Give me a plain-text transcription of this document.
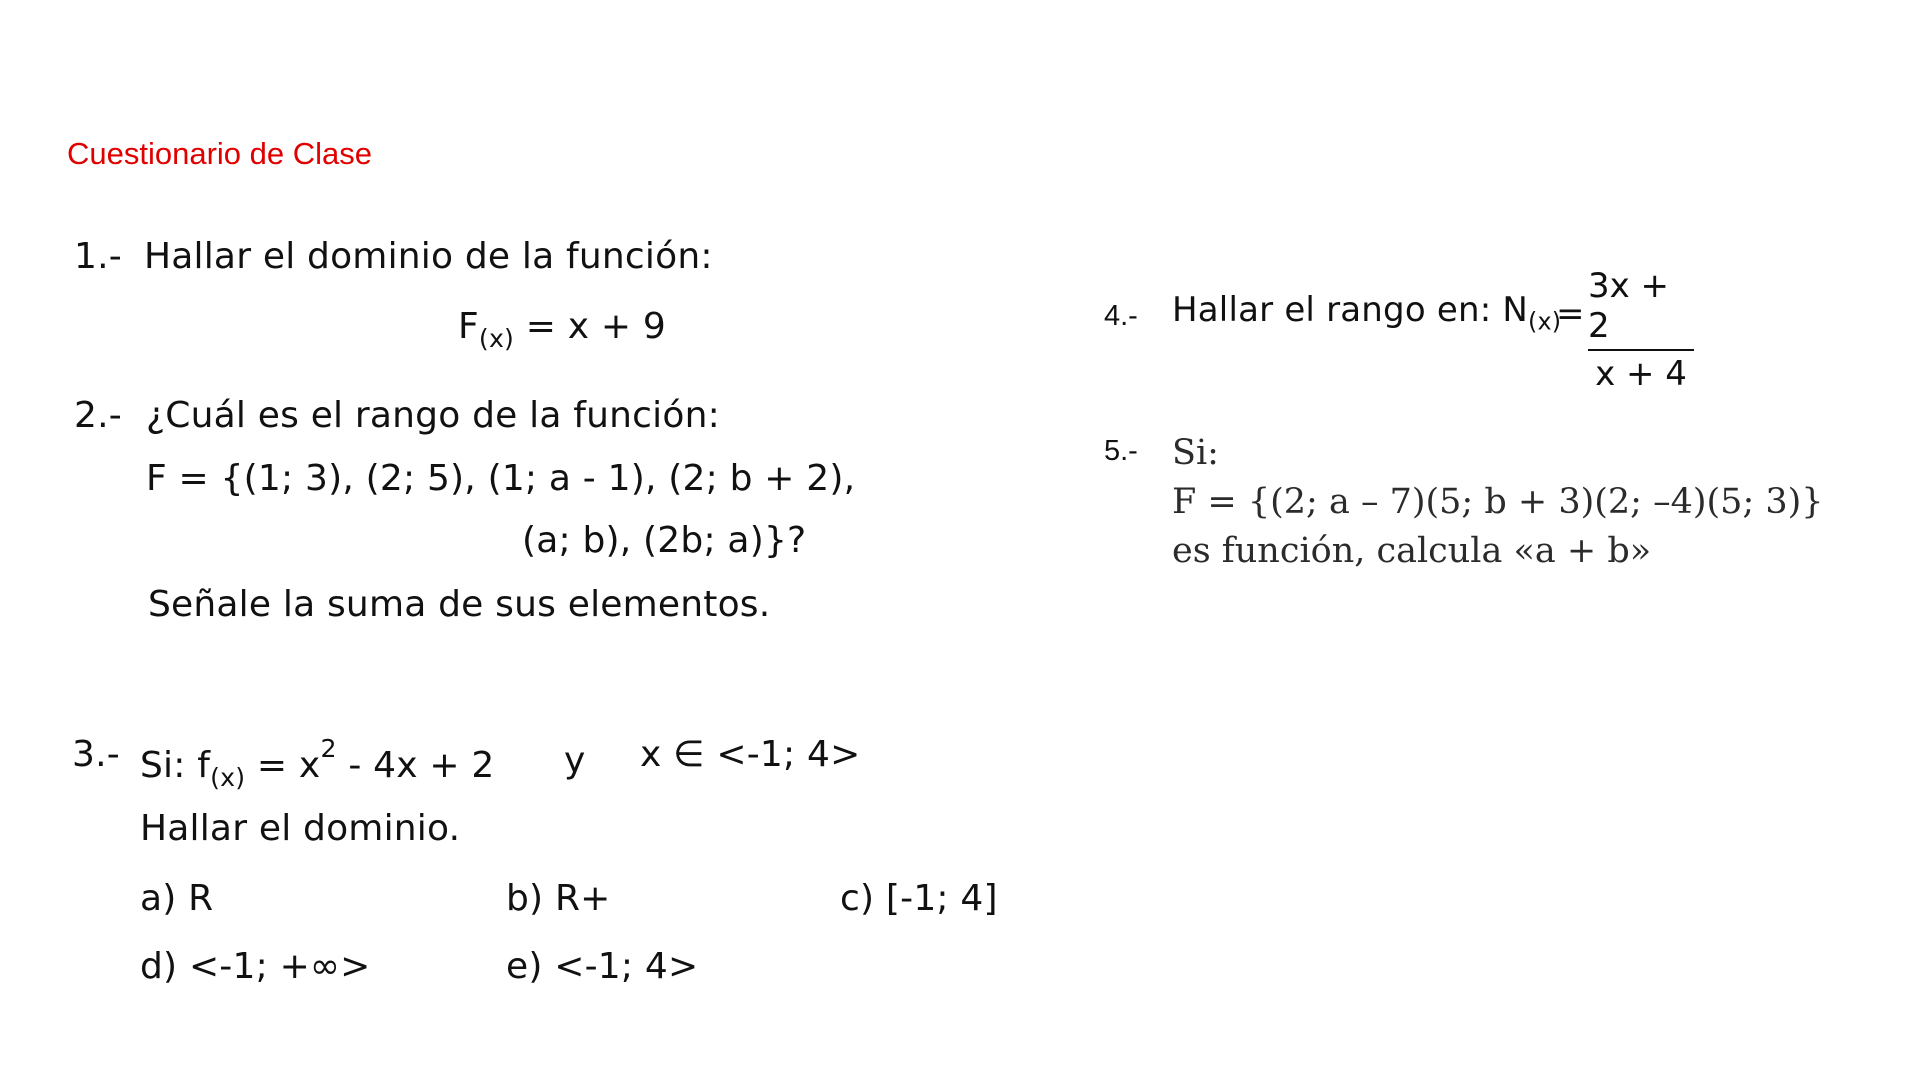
Cuestionario de Clase
1.- Hallar el dominio de la función:
$F_{(x)} = x + 9$
2.- ¿Cuál es el rango de la función:
F = {(1; 3), (2; 5), (1; a - 1), (2; b + 2),
(a; b), (2b; a)}?
Señale la suma de sus elementos.
3.- Si: $f_{(x)} = x^2 - 4x + 2$ y x ∈ <-1; 4>
Hallar el dominio.
a) R	b) R+	c) [-1; 4]
d) <-1; +∞>	e) <-1; 4>
4.- Hallar el rango en: $N_{(x)}$
=
3x + 2
x + 4
5.- Si:
F = {(2; a – 7)(5; b + 3)(2; –4)(5; 3)}
es función, calcula «a + b»
